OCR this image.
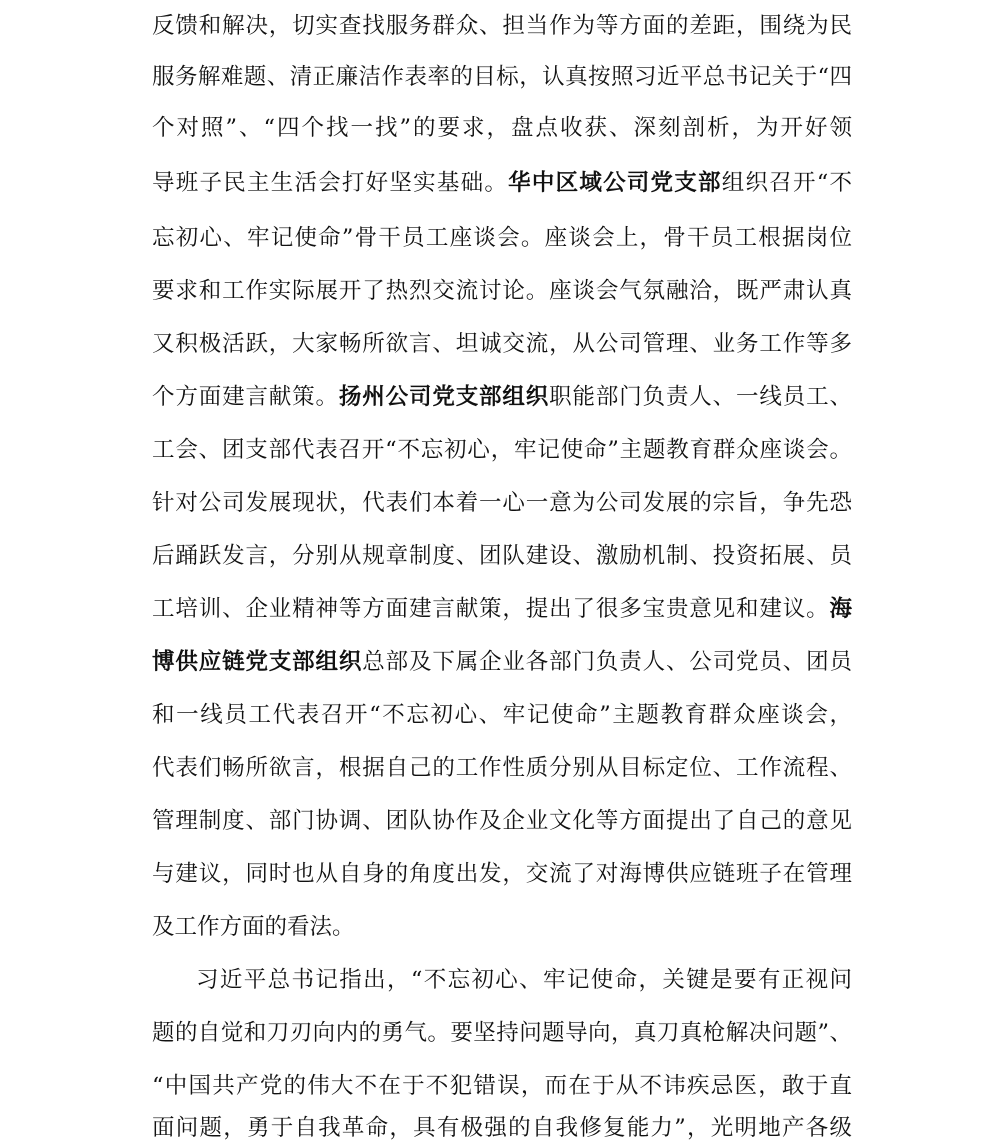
反馈和解决，切实查找服务群众、担当作为等方面的差距，围绕为民
服务解难题、清正廉洁作表率的目标，认真按照习近平总书记关于“四
个对照”、“四个找一找”的要求，盘点收获、深刻剖析，为开好领
导班子民主生活会打好坚实基础。华中区域公司党支部组织召开“不
忘初心、牢记使命”骨干员工座谈会。座谈会上，骨干员工根据岗位
要求和工作实际展开了热烈交流讨论。座谈会气氛融洽，既严肃认真
又积极活跃，大家畅所欲言、坦诚交流，从公司管理、业务工作等多
个方面建言献策。扬州公司党支部组织职能部门负责人、一线员工、
工会、团支部代表召开“不忘初心，牢记使命”主题教育群众座谈会。
针对公司发展现状，代表们本着一心一意为公司发展的宗旨，争先恐
后踊跃发言，分别从规章制度、团队建设、激励机制、投资拓展、员
工培训、企业精神等方面建言献策，提出了很多宝贵意见和建议。海
博供应链党支部组织总部及下属企业各部门负责人、公司党员、团员
和一线员工代表召开“不忘初心、牢记使命”主题教育群众座谈会，
代表们畅所欲言，根据自己的工作性质分别从目标定位、工作流程、
管理制度、部门协调、团队协作及企业文化等方面提出了自己的意见
与建议，同时也从自身的角度出发，交流了对海博供应链班子在管理
及工作方面的看法。
习近平总书记指出，“不忘初心、牢记使命，关键是要有正视问
题的自觉和刀刃向内的勇气。要坚持问题导向，真刀真枪解决问题”、
“中国共产党的伟大不在于不犯错误，而在于从不讳疾忌医，敢于直
面问题，勇于自我革命，具有极强的自我修复能力”，光明地产各级
